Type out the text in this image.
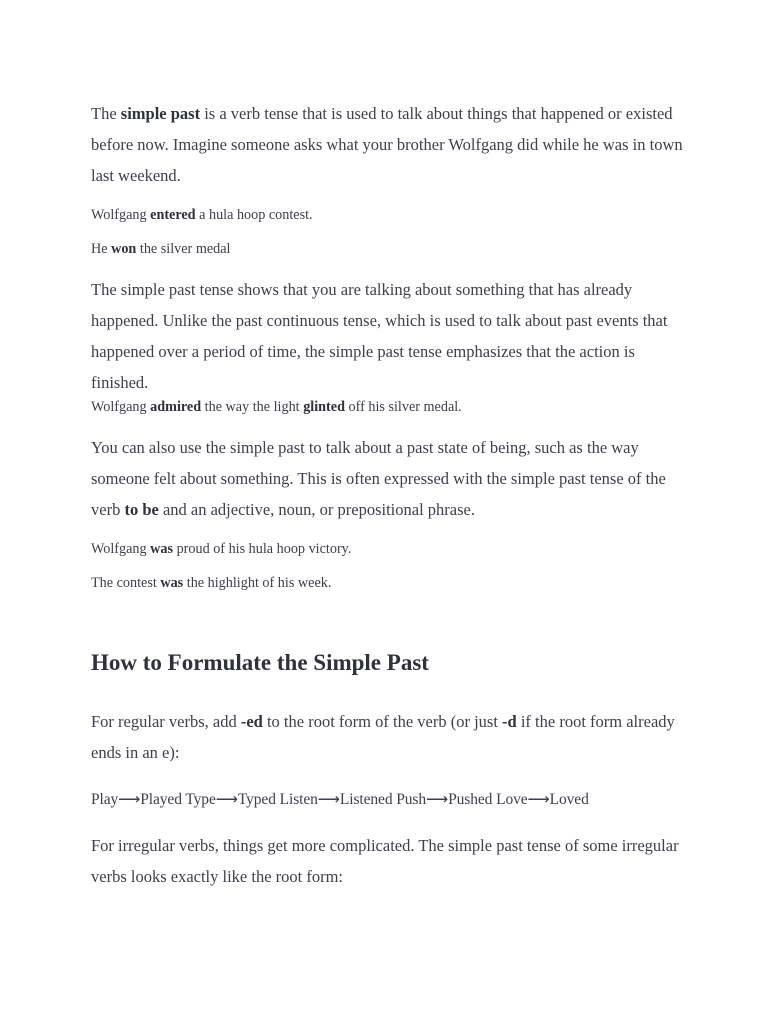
The simple past is a verb tense that is used to talk about things that happened or existed before now. Imagine someone asks what your brother Wolfgang did while he was in town last weekend.

Wolfgang entered a hula hoop contest.

He won the silver medal

The simple past tense shows that you are talking about something that has already happened. Unlike the past continuous tense, which is used to talk about past events that happened over a period of time, the simple past tense emphasizes that the action is finished.

Wolfgang admired the way the light glinted off his silver medal.

You can also use the simple past to talk about a past state of being, such as the way someone felt about something. This is often expressed with the simple past tense of the verb to be and an adjective, noun, or prepositional phrase.

Wolfgang was proud of his hula hoop victory.

The contest was the highlight of his week.

How to Formulate the Simple Past

For regular verbs, add -ed to the root form of the verb (or just -d if the root form already ends in an e):

Play⟶Played Type⟶Typed Listen⟶Listened Push⟶Pushed Love⟶Loved

For irregular verbs, things get more complicated. The simple past tense of some irregular verbs looks exactly like the root form:
